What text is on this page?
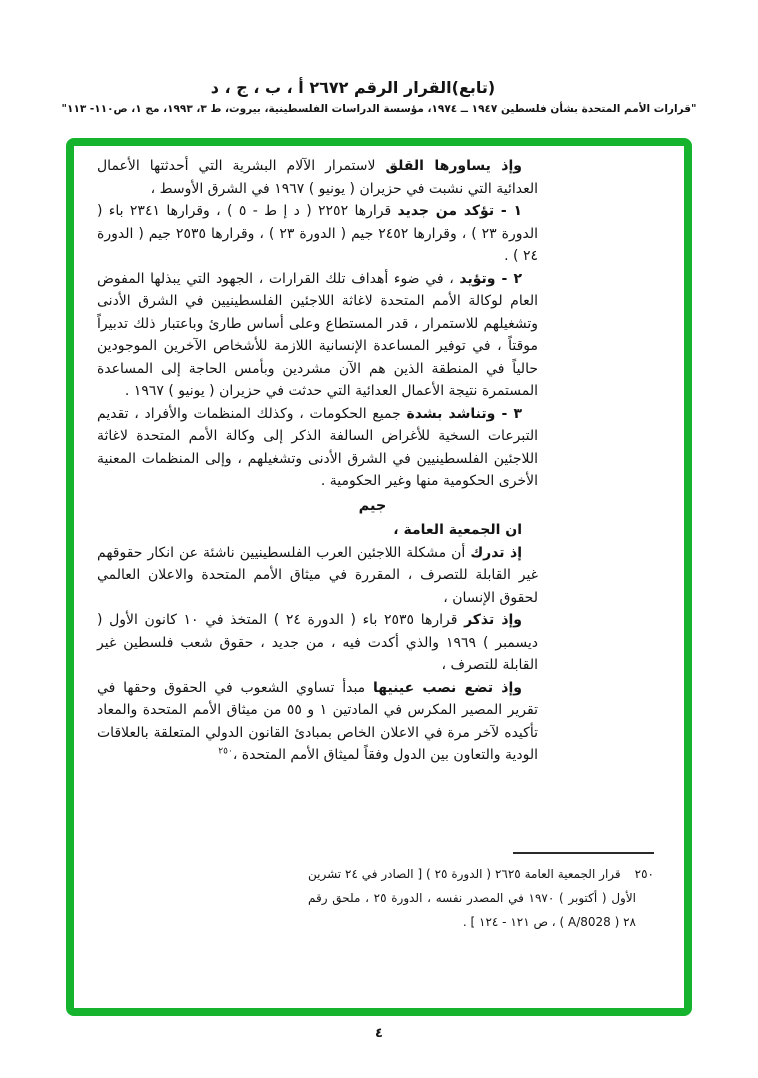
(تابع)القرار الرقم ٢٦٧٢ أ ، ب ، ج ، د
"قرارات الأمم المتحدة بشأن فلسطين ١٩٤٧ ــ ١٩٧٤، مؤسسة الدراسات الفلسطينية، بيروت، ط ٣، ١٩٩٣، مج ١، ص١١٠- ١١٣"

وإذ يساورها القلق لاستمرار الآلام البشرية التي أحدثتها الأعمال العدائية التي نشبت في حزيران ( يونيو ) ١٩٦٧ في الشرق الأوسط ،

١ - تؤكد من جديد قرارها ٢٢٥٢ ( د إ ط - ٥ ) ، وقرارها ٢٣٤١ باء ( الدورة ٢٣ ) ، وقرارها ٢٤٥٢ جيم ( الدورة ٢٣ ) ، وقرارها ٢٥٣٥ جيم ( الدورة ٢٤ ) .

٢ - وتؤيد ، في ضوء أهداف تلك القرارات ، الجهود التي يبذلها المفوض العام لوكالة الأمم المتحدة لاغاثة اللاجئين الفلسطينيين في الشرق الأدنى وتشغيلهم للاستمرار ، قدر المستطاع وعلى أساس طارئ وباعتبار ذلك تدبيراً موقتاً ، في توفير المساعدة الإنسانية اللازمة للأشخاص الآخرين الموجودين حالياً في المنطقة الذين هم الآن مشردين وبأمس الحاجة إلى المساعدة المستمرة نتيجة الأعمال العدائية التي حدثت في حزيران ( يونيو ) ١٩٦٧ .

٣ - وتناشد بشدة جميع الحكومات ، وكذلك المنظمات والأفراد ، تقديم التبرعات السخية للأغراض السالفة الذكر إلى وكالة الأمم المتحدة لاغاثة اللاجئين الفلسطينيين في الشرق الأدنى وتشغيلهم ، وإلى المنظمات المعنية الأخرى الحكومية منها وغير الحكومية .

جيم

ان الجمعية العامة ،

إذ تدرك أن مشكلة اللاجئين العرب الفلسطينيين ناشئة عن انكار حقوقهم غير القابلة للتصرف ، المقررة في ميثاق الأمم المتحدة والاعلان العالمي لحقوق الإنسان ،

وإذ تذكر قرارها ٢٥٣٥ باء ( الدورة ٢٤ ) المتخذ في ١٠ كانون الأول ( ديسمبر ) ١٩٦٩ والذي أكدت فيه ، من جديد ، حقوق شعب فلسطين غير القابلة للتصرف ،

وإذ تضع نصب عينيها مبدأ تساوي الشعوب في الحقوق وحقها في تقرير المصير المكرس في المادتين ١ و ٥٥ من ميثاق الأمم المتحدة والمعاد تأكيده لآخر مرة في الاعلان الخاص بمبادئ القانون الدولي المتعلقة بالعلاقات الودية والتعاون بين الدول وفقاً لميثاق الأمم المتحدة ،$^{٢٥٠}$

٢٥٠قرار الجمعية العامة ٢٦٢٥ ( الدورة ٢٥ ) [ الصادر في ٢٤ تشرين الأول ( أكتوبر ) ١٩٧٠ في المصدر نفسه ، الدورة ٢٥ ، ملحق رقم ٢٨ ( A/8028 ) ، ص ١٢١ - ١٢٤ ] .
٤
